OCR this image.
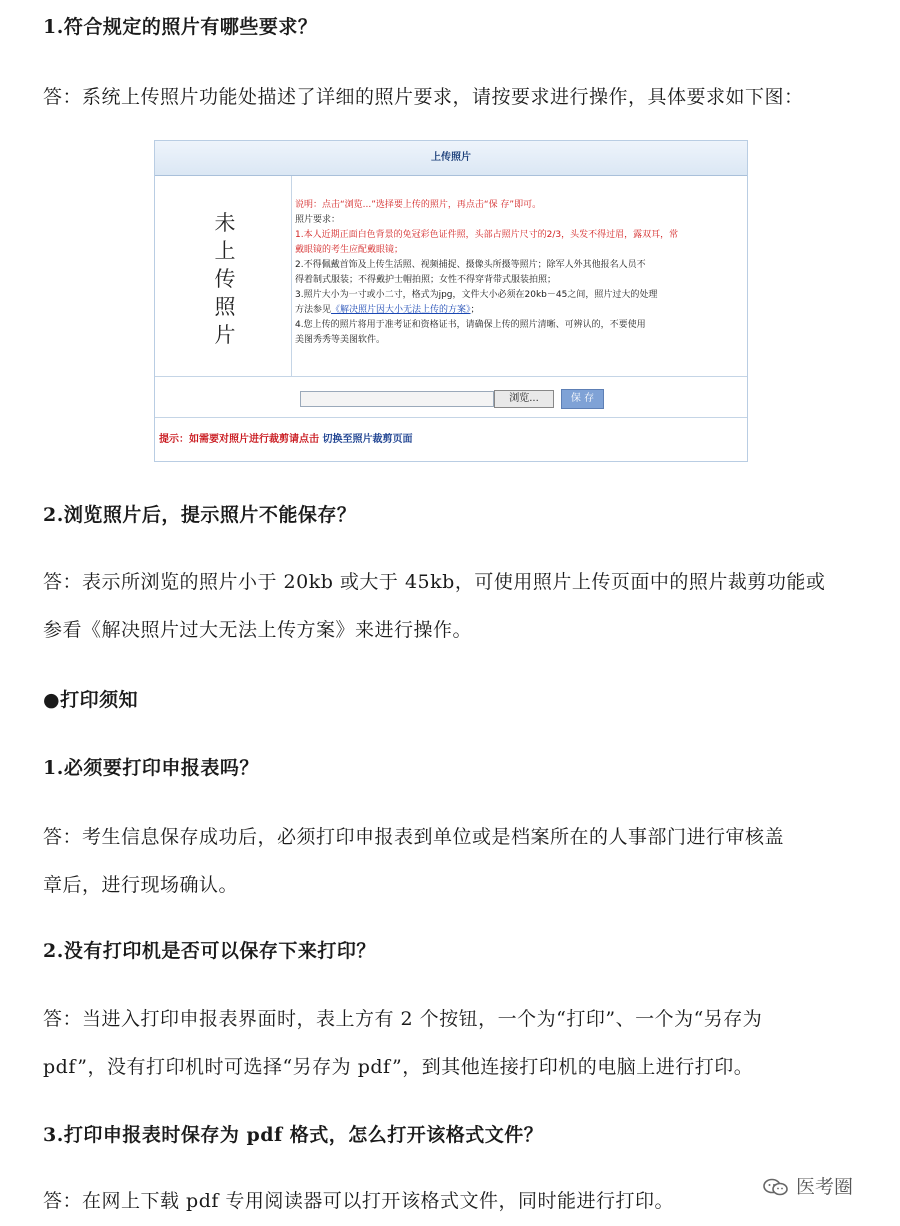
1.符合规定的照片有哪些要求？
答：系统上传照片功能处描述了详细的照片要求，请按要求进行操作，具体要求如下图：
上传照片
未
上
传
照
片
说明：点击“浏览...”选择要上传的照片，再点击“保 存”即可。
照片要求：
1.本人近期正面白色背景的免冠彩色证件照，头部占照片尺寸的2/3，头发不得过眉，露双耳，常
戴眼镜的考生应配戴眼镜；
2.不得佩戴首饰及上传生活照、视频捕捉、摄像头所摄等照片；除军人外其他报名人员不
得着制式服装；不得戴护士帽拍照；女性不得穿背带式服装拍照；
3.照片大小为一寸或小二寸，格式为jpg，文件大小必须在20kb－45之间，照片过大的处理
方法参见《解决照片因大小无法上传的方案》；
4.您上传的照片将用于准考证和资格证书，请确保上传的照片清晰、可辨认的，不要使用
美图秀秀等美图软件。
浏览...	保 存
提示：如需要对照片进行裁剪请点击 切换至照片裁剪页面
2.浏览照片后，提示照片不能保存？
答：表示所浏览的照片小于 20kb 或大于 45kb，可使用照片上传页面中的照片裁剪功能或
参看《解决照片过大无法上传方案》来进行操作。
●打印须知
1.必须要打印申报表吗？
答：考生信息保存成功后，必须打印申报表到单位或是档案所在的人事部门进行审核盖
章后，进行现场确认。
2.没有打印机是否可以保存下来打印？
答：当进入打印申报表界面时，表上方有 2 个按钮，一个为“打印”、一个为“另存为
pdf”，没有打印机时可选择“另存为 pdf”，到其他连接打印机的电脑上进行打印。
3.打印申报表时保存为 pdf 格式，怎么打开该格式文件？
答：在网上下载 pdf 专用阅读器可以打开该格式文件，同时能进行打印。
医考圈
